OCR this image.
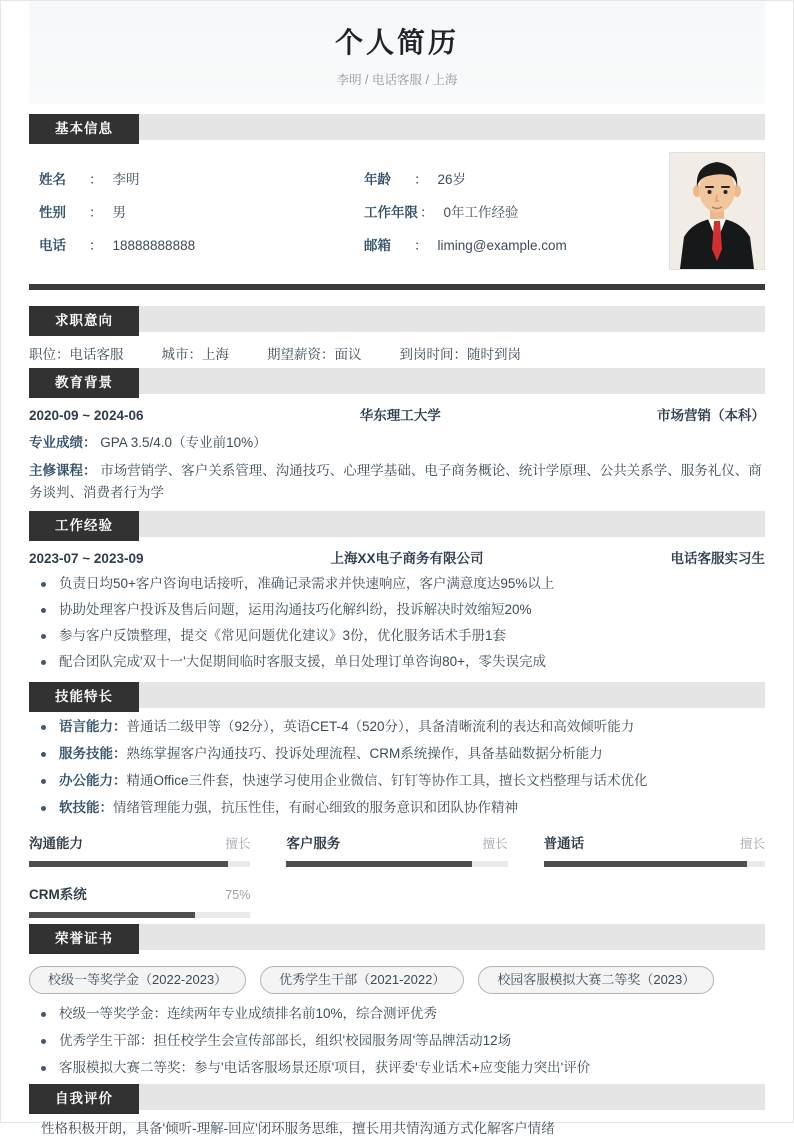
个人简历
李明 / 电话客服 / 上海
基本信息
姓名	： 李明	年龄	： 26岁
性别	： 男	工作年限 ： 0年工作经验
电话	： 18888888888	邮箱	： liming@example.com
求职意向
职位：电话客服	城市：上海	期望薪资：面议	到岗时间：随时到岗
教育背景
2020-09 ~ 2024-06	华东理工大学	市场营销（本科）
专业成绩： GPA 3.5/4.0（专业前10%）
主修课程： 市场营销学、客户关系管理、沟通技巧、心理学基础、电子商务概论、统计学原理、公共关系学、服务礼仪、商务谈判、消费者行为学
工作经验
2023-07 ~ 2023-09	上海XX电子商务有限公司	电话客服实习生
负责日均50+客户咨询电话接听，准确记录需求并快速响应，客户满意度达95%以上
协助处理客户投诉及售后问题，运用沟通技巧化解纠纷，投诉解决时效缩短20%
参与客户反馈整理，提交《常见问题优化建议》3份，优化服务话术手册1套
配合团队完成'双十一'大促期间临时客服支援，单日处理订单咨询80+，零失误完成
技能特长
语言能力：普通话二级甲等（92分），英语CET-4（520分），具备清晰流利的表达和高效倾听能力
服务技能：熟练掌握客户沟通技巧、投诉处理流程、CRM系统操作，具备基础数据分析能力
办公能力：精通Office三件套，快速学习使用企业微信、钉钉等协作工具，擅长文档整理与话术优化
软技能：情绪管理能力强，抗压性佳，有耐心细致的服务意识和团队协作精神
沟通能力	擅长	客户服务	擅长	普通话	擅长
CRM系统	75%
荣誉证书
校级一等奖学金（2022-2023）	优秀学生干部（2021-2022）	校园客服模拟大赛二等奖（2023）
校级一等奖学金：连续两年专业成绩排名前10%，综合测评优秀
优秀学生干部：担任校学生会宣传部部长，组织'校园服务周'等品牌活动12场
客服模拟大赛二等奖：参与'电话客服场景还原'项目，获评委'专业话术+应变能力突出'评价
自我评价

性格积极开朗，具备'倾听-理解-回应'闭环服务思维，擅长用共情沟通方式化解客户情绪
